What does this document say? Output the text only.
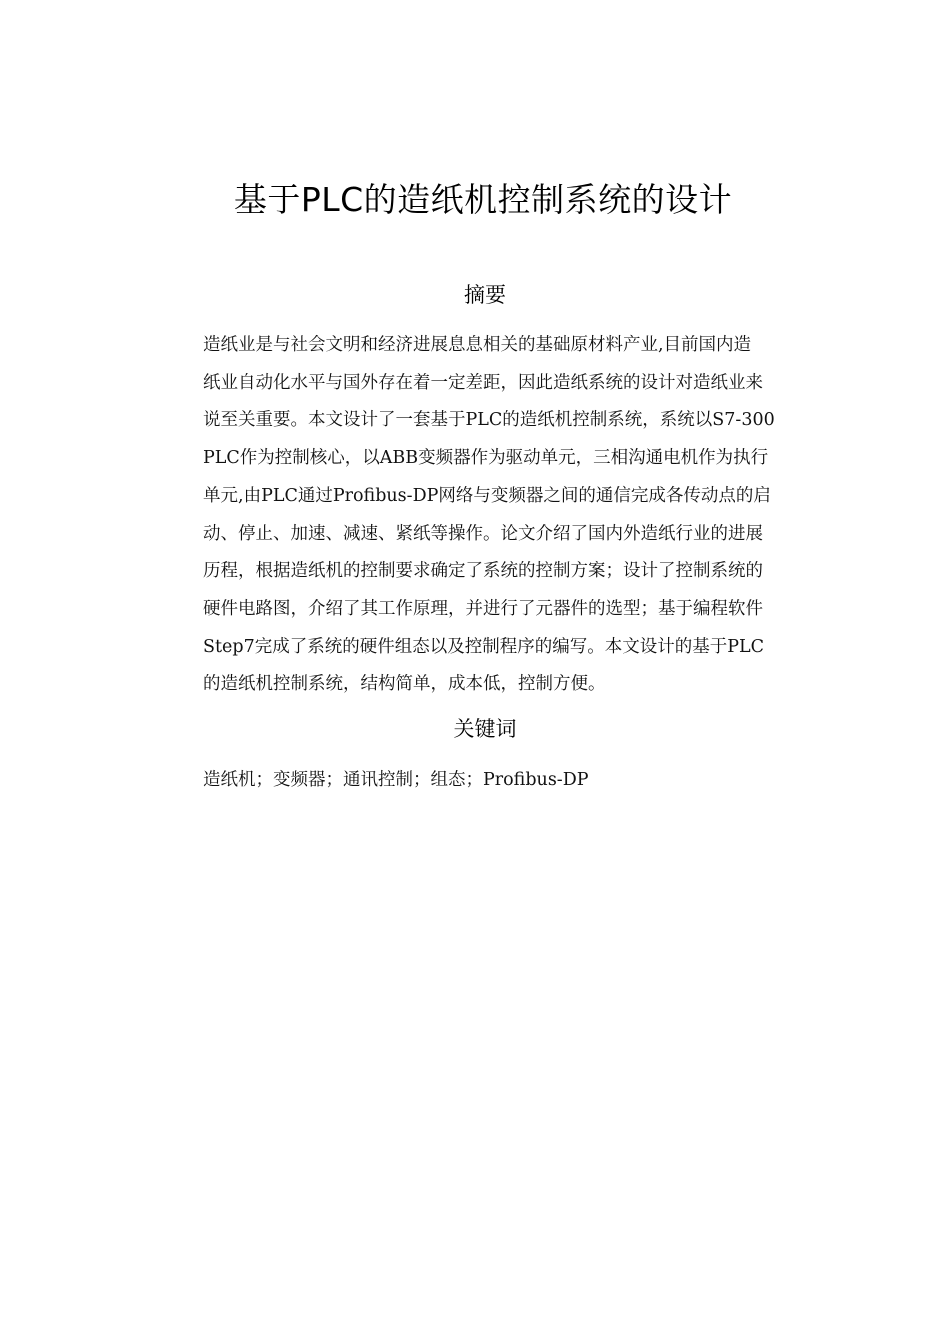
基于PLC的造纸机控制系统的设计
摘要
造纸业是与社会文明和经济进展息息相关的基础原材料产业,目前国内造
纸业自动化水平与国外存在着一定差距，因此造纸系统的设计对造纸业来
说至关重要。本文设计了一套基于PLC的造纸机控制系统，系统以S7-300
PLC作为控制核心，以ABB变频器作为驱动单元，三相沟通电机作为执行
单元,由PLC通过Profibus-DP网络与变频器之间的通信完成各传动点的启
动、停止、加速、减速、紧纸等操作。论文介绍了国内外造纸行业的进展
历程，根据造纸机的控制要求确定了系统的控制方案；设计了控制系统的
硬件电路图，介绍了其工作原理，并进行了元器件的选型；基于编程软件
Step7完成了系统的硬件组态以及控制程序的编写。本文设计的基于PLC
的造纸机控制系统，结构简单，成本低，控制方便。
关键词
造纸机；变频器；通讯控制；组态；Profibus-DP
